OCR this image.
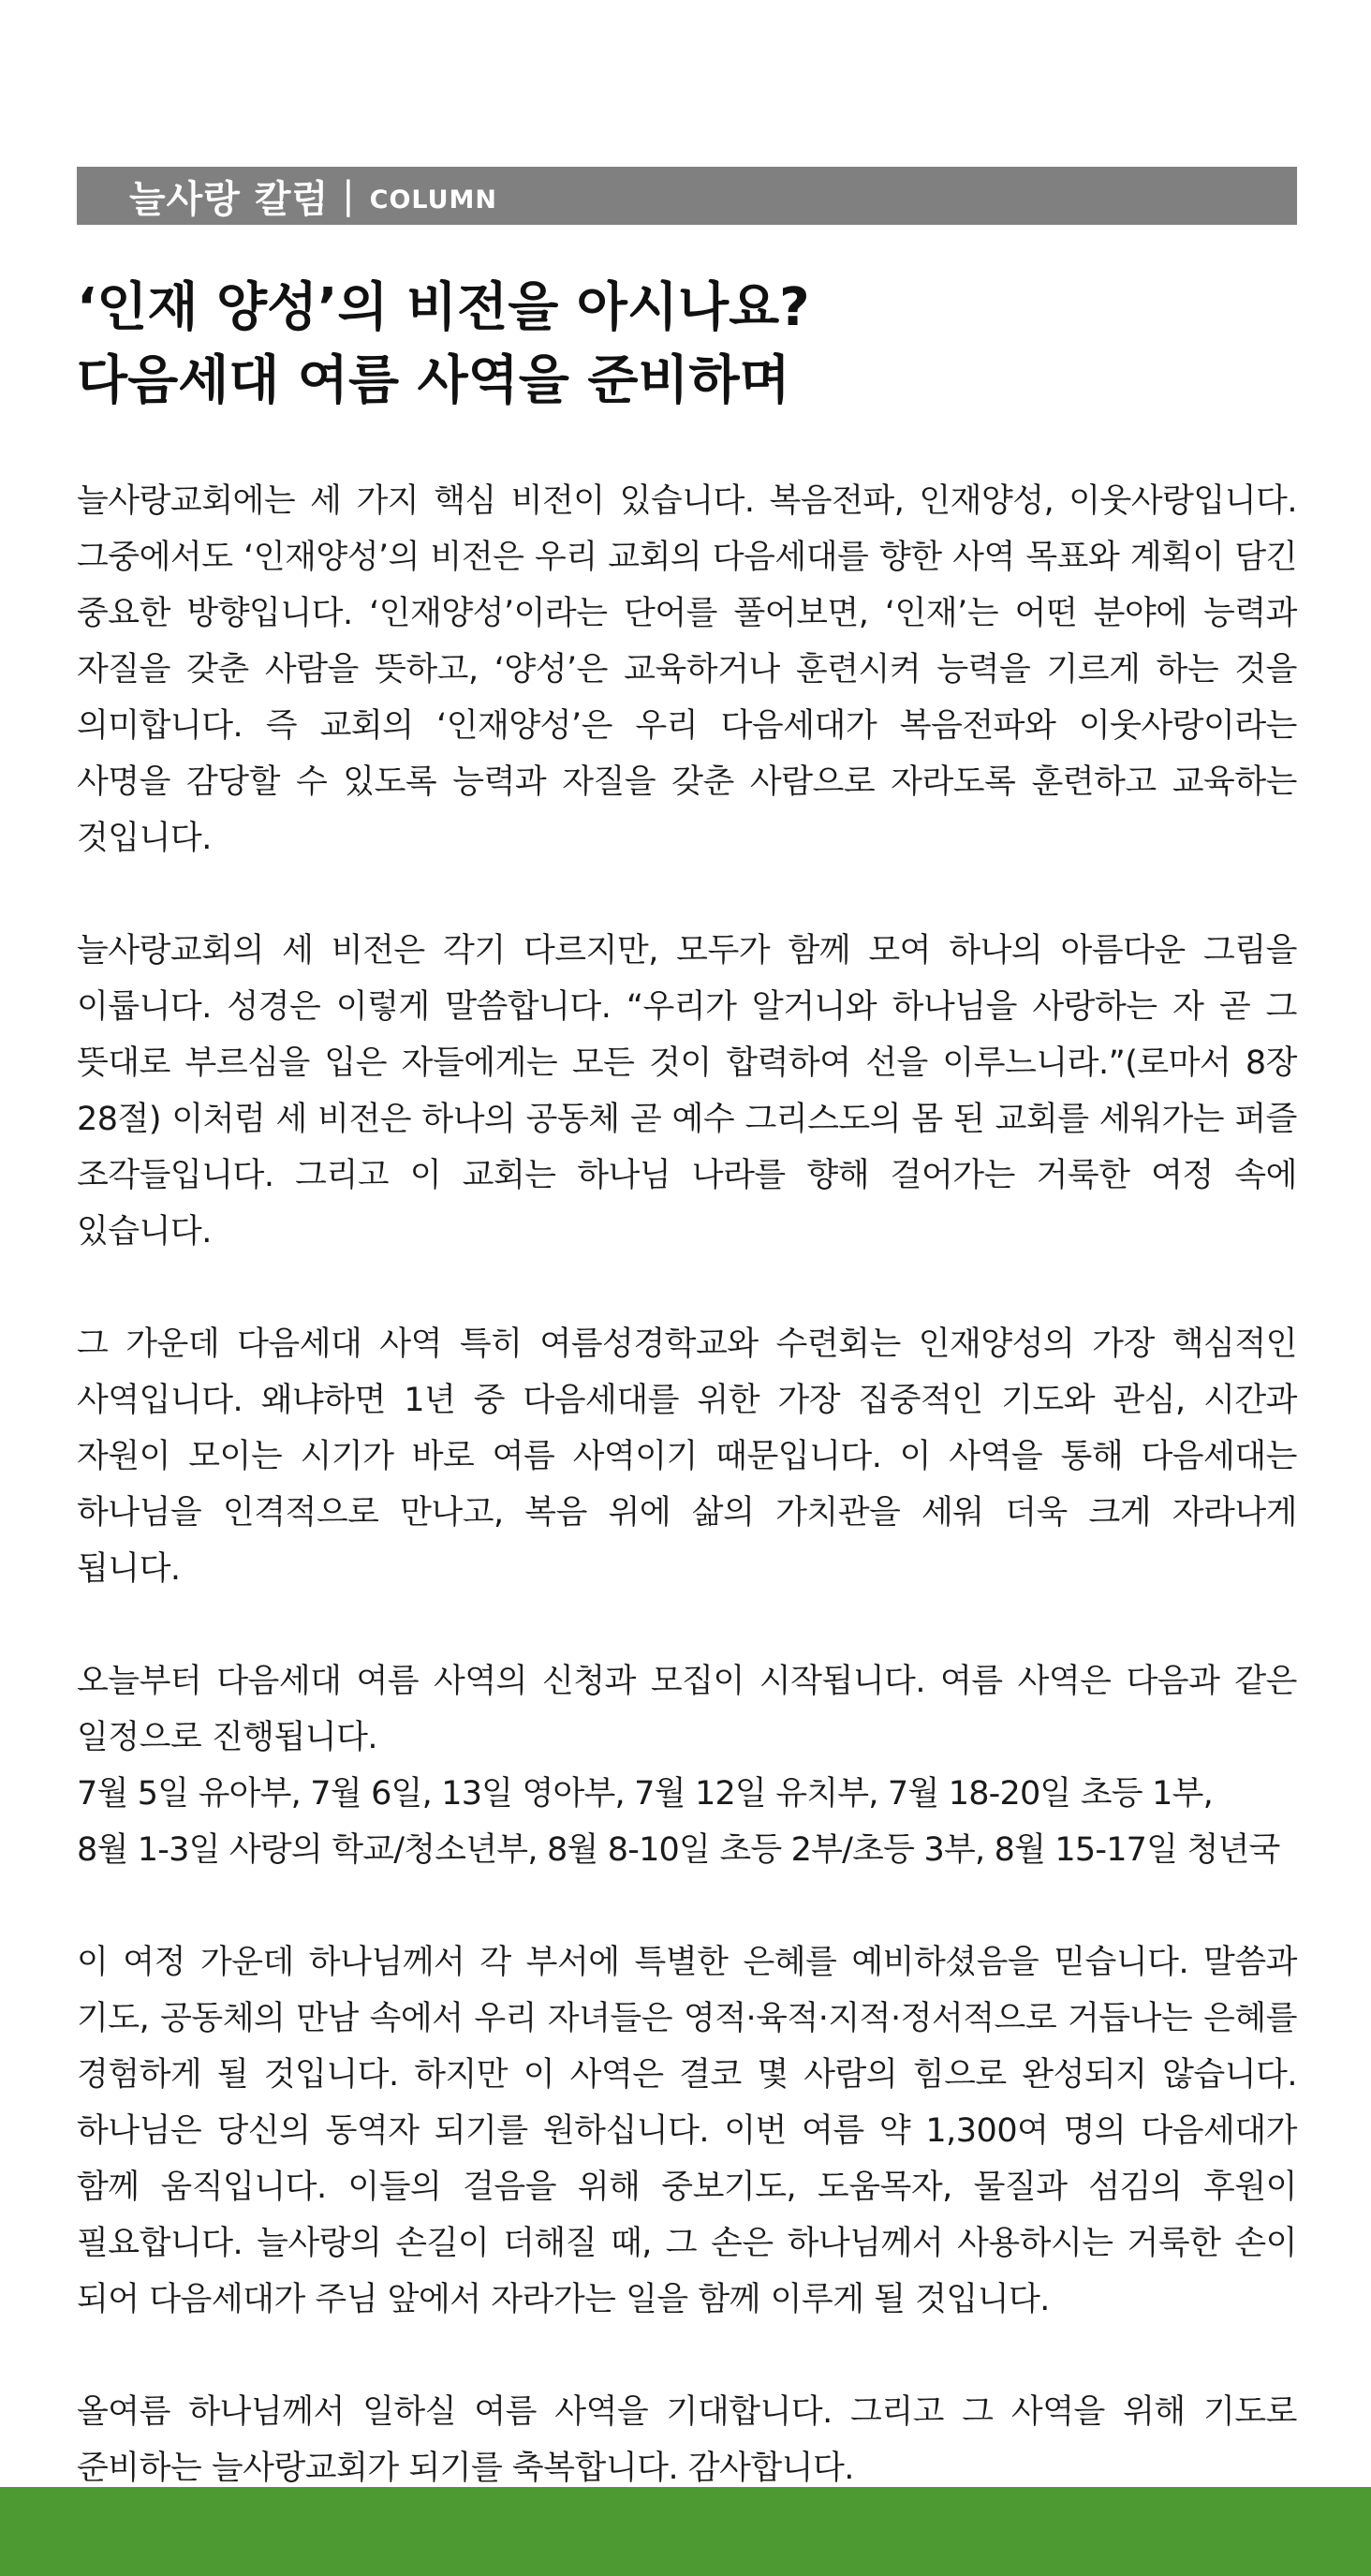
늘사랑 칼럼 | COLUMN
‘인재 양성’의 비전을 아시나요?
다음세대 여름 사역을 준비하며

늘사랑교회에는 세 가지 핵심 비전이 있습니다. 복음전파, 인재양성, 이웃사랑입니다. 그중에서도 ‘인재양성’의 비전은 우리 교회의 다음세대를 향한 사역 목표와 계획이 담긴 중요한 방향입니다. ‘인재양성’이라는 단어를 풀어보면, ‘인재’는 어떤 분야에 능력과 자질을 갖춘 사람을 뜻하고, ‘양성’은 교육하거나 훈련시켜 능력을 기르게 하는 것을 의미합니다. 즉 교회의 ‘인재양성’은 우리 다음세대가 복음전파와 이웃사랑이라는 사명을 감당할 수 있도록 능력과 자질을 갖춘 사람으로 자라도록 훈련하고 교육하는 것입니다.

늘사랑교회의 세 비전은 각기 다르지만, 모두가 함께 모여 하나의 아름다운 그림을 이룹니다. 성경은 이렇게 말씀합니다. “우리가 알거니와 하나님을 사랑하는 자 곧 그 뜻대로 부르심을 입은 자들에게는 모든 것이 합력하여 선을 이루느니라.”(로마서 8장 28절) 이처럼 세 비전은 하나의 공동체 곧 예수 그리스도의 몸 된 교회를 세워가는 퍼즐 조각들입니다. 그리고 이 교회는 하나님 나라를 향해 걸어가는 거룩한 여정 속에 있습니다.

그 가운데 다음세대 사역 특히 여름성경학교와 수련회는 인재양성의 가장 핵심적인 사역입니다. 왜냐하면 1년 중 다음세대를 위한 가장 집중적인 기도와 관심, 시간과 자원이 모이는 시기가 바로 여름 사역이기 때문입니다. 이 사역을 통해 다음세대는 하나님을 인격적으로 만나고, 복음 위에 삶의 가치관을 세워 더욱 크게 자라나게 됩니다.

오늘부터 다음세대 여름 사역의 신청과 모집이 시작됩니다. 여름 사역은 다음과 같은 일정으로 진행됩니다.

7월 5일 유아부, 7월 6일, 13일 영아부, 7월 12일 유치부, 7월 18-20일 초등 1부,
8월 1-3일 사랑의 학교/청소년부, 8월 8-10일 초등 2부/초등 3부, 8월 15-17일 청년국

이 여정 가운데 하나님께서 각 부서에 특별한 은혜를 예비하셨음을 믿습니다. 말씀과 기도, 공동체의 만남 속에서 우리 자녀들은 영적·육적·지적·정서적으로 거듭나는 은혜를 경험하게 될 것입니다. 하지만 이 사역은 결코 몇 사람의 힘으로 완성되지 않습니다. 하나님은 당신의 동역자 되기를 원하십니다. 이번 여름 약 1,300여 명의 다음세대가 함께 움직입니다. 이들의 걸음을 위해 중보기도, 도움목자, 물질과 섬김의 후원이 필요합니다. 늘사랑의 손길이 더해질 때, 그 손은 하나님께서 사용하시는 거룩한 손이 되어 다음세대가 주님 앞에서 자라가는 일을 함께 이루게 될 것입니다.

올여름 하나님께서 일하실 여름 사역을 기대합니다. 그리고 그 사역을 위해 기도로 준비하는 늘사랑교회가 되기를 축복합니다. 감사합니다.
